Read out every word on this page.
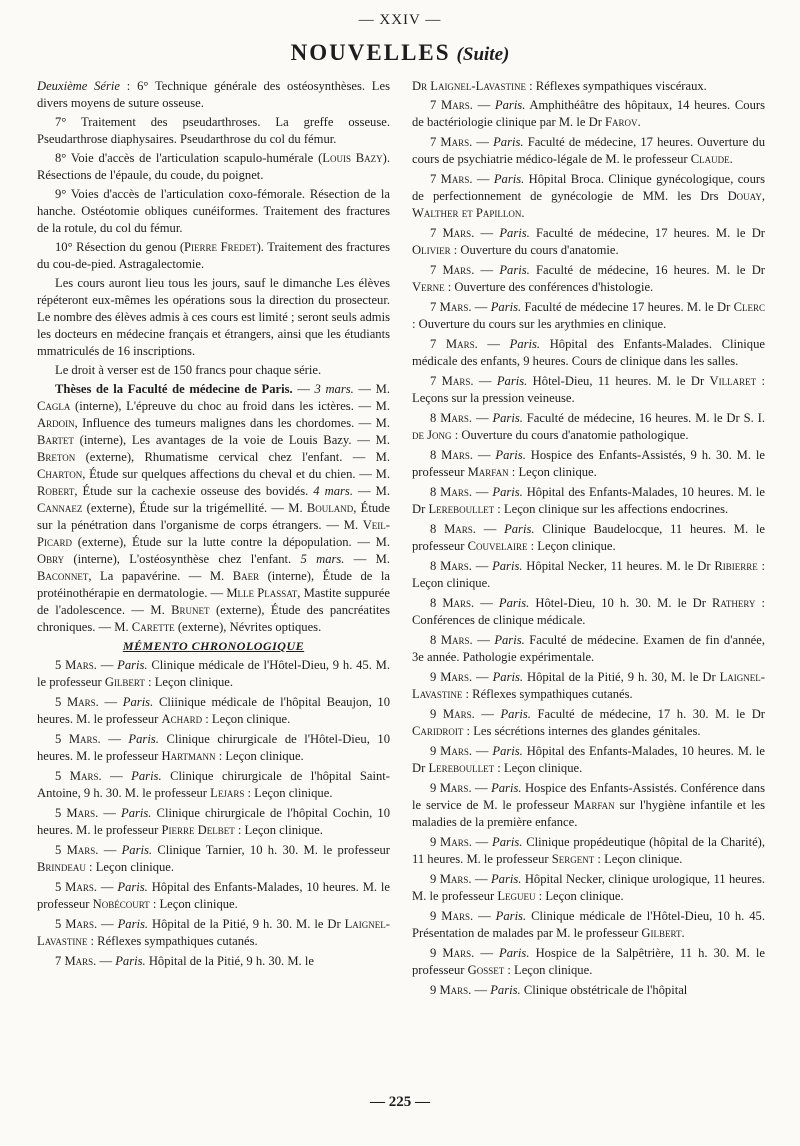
— XXIV —
NOUVELLES (Suite)

Deuxième Série : 6° Technique générale des ostéosynthèses. Les divers moyens de suture osseuse.

7° Traitement des pseudarthroses. La greffe osseuse. Pseudarthrose diaphysaires. Pseudarthrose du col du fémur.

8° Voie d'accès de l'articulation scapulo-humérale (Louis Bazy). Résections de l'épaule, du coude, du poignet.

9° Voies d'accès de l'articulation coxo-fémorale. Résection de la hanche. Ostéotomie obliques cunéiformes. Traitement des fractures de la rotule, du col du fémur.

10° Résection du genou (Pierre Fredet). Traitement des fractures du cou-de-pied. Astragalectomie.

Les cours auront lieu tous les jours, sauf le dimanche Les élèves répéteront eux-mêmes les opérations sous la direction du prosecteur. Le nombre des élèves admis à ces cours est limité ; seront seuls admis les docteurs en médecine français et étrangers, ainsi que les étudiants mmatriculés de 16 inscriptions.

Le droit à verser est de 150 francs pour chaque série.

Thèses de la Faculté de médecine de Paris. — 3 mars. — M. Cagla (interne), L'épreuve du choc au froid dans les ictères. — M. Ardoin, Influence des tumeurs malignes dans les chordomes. — M. Bartet (interne), Les avantages de la voie de Louis Bazy. — M. Breton (externe), Rhumatisme cervical chez l'enfant. — M. Charton, Étude sur quelques affections du cheval et du chien. — M. Robert, Étude sur la cachexie osseuse des bovidés. 4 mars. — M. Cannaez (externe), Étude sur la trigémellité. — M. Bouland, Étude sur la pénétration dans l'organisme de corps étrangers. — M. Veil-Picard (externe), Étude sur la lutte contre la dépopulation. — M. Obry (interne), L'ostéosynthèse chez l'enfant. 5 mars. — M. Baconnet, La papavérine. — M. Baer (interne), Étude de la protéinothérapie en dermatologie. — Mlle Plassat, Mastite suppurée de l'adolescence. — M. Brunet (externe), Étude des pancréatites chroniques. — M. Carette (externe), Névrites optiques.

MÉMENTO CHRONOLOGIQUE

5 Mars. — Paris. Clinique médicale de l'Hôtel-Dieu, 9 h. 45. M. le professeur Gilbert : Leçon clinique.

5 Mars. — Paris. Cliinique médicale de l'hôpital Beaujon, 10 heures. M. le professeur Achard : Leçon clinique.

5 Mars. — Paris. Clinique chirurgicale de l'Hôtel-Dieu, 10 heures. M. le professeur Hartmann : Leçon clinique.

5 Mars. — Paris. Clinique chirurgicale de l'hôpital Saint-Antoine, 9 h. 30. M. le professeur Lejars : Leçon clinique.

5 Mars. — Paris. Clinique chirurgicale de l'hôpital Cochin, 10 heures. M. le professeur Pierre Delbet : Leçon clinique.

5 Mars. — Paris. Clinique Tarnier, 10 h. 30. M. le professeur Brindeau : Leçon clinique.

5 Mars. — Paris. Hôpital des Enfants-Malades, 10 heures. M. le professeur Nobécourt : Leçon clinique.

5 Mars. — Paris. Hôpital de la Pitié, 9 h. 30. M. le Dr Laignel-Lavastine : Réflexes sympathiques cutanés.

7 Mars. — Paris. Hôpital de la Pitié, 9 h. 30. M. le

Dr Laignel-Lavastine : Réflexes sympathiques viscéraux.

7 Mars. — Paris. Amphithéâtre des hôpitaux, 14 heures. Cours de bactériologie clinique par M. le Dr Farov.

7 Mars. — Paris. Faculté de médecine, 17 heures. Ouverture du cours de psychiatrie médico-légale de M. le professeur Claude.

7 Mars. — Paris. Hôpital Broca. Clinique gynécologique, cours de perfectionnement de gynécologie de MM. les Drs Douay, Walther et Papillon.

7 Mars. — Paris. Faculté de médecine, 17 heures. M. le Dr Olivier : Ouverture du cours d'anatomie.

7 Mars. — Paris. Faculté de médecine, 16 heures. M. le Dr Verne : Ouverture des conférences d'histologie.

7 Mars. — Paris. Faculté de médecine 17 heures. M. le Dr Clerc : Ouverture du cours sur les arythmies en clinique.

7 Mars. — Paris. Hôpital des Enfants-Malades. Clinique médicale des enfants, 9 heures. Cours de clinique dans les salles.

7 Mars. — Paris. Hôtel-Dieu, 11 heures. M. le Dr Villaret : Leçons sur la pression veineuse.

8 Mars. — Paris. Faculté de médecine, 16 heures. M. le Dr S. I. de Jong : Ouverture du cours d'anatomie pathologique.

8 Mars. — Paris. Hospice des Enfants-Assistés, 9 h. 30. M. le professeur Marfan : Leçon clinique.

8 Mars. — Paris. Hôpital des Enfants-Malades, 10 heures. M. le Dr Lereboullet : Leçon clinique sur les affections endocrines.

8 Mars. — Paris. Clinique Baudelocque, 11 heures. M. le professeur Couvelaire : Leçon clinique.

8 Mars. — Paris. Hôpital Necker, 11 heures. M. le Dr Ribierre : Leçon clinique.

8 Mars. — Paris. Hôtel-Dieu, 10 h. 30. M. le Dr Rathery : Conférences de clinique médicale.

8 Mars. — Paris. Faculté de médecine. Examen de fin d'année, 3e année. Pathologie expérimentale.

9 Mars. — Paris. Hôpital de la Pitié, 9 h. 30, M. le Dr Laignel-Lavastine : Réflexes sympathiques cutanés.

9 Mars. — Paris. Faculté de médecine, 17 h. 30. M. le Dr Caridroit : Les sécrétions internes des glandes génitales.

9 Mars. — Paris. Hôpital des Enfants-Malades, 10 heures. M. le Dr Lereboullet : Leçon clinique.

9 Mars. — Paris. Hospice des Enfants-Assistés. Conférence dans le service de M. le professeur Marfan sur l'hygiène infantile et les maladies de la première enfance.

9 Mars. — Paris. Clinique propédeutique (hôpital de la Charité), 11 heures. M. le professeur Sergent : Leçon clinique.

9 Mars. — Paris. Hôpital Necker, clinique urologique, 11 heures. M. le professeur Legueu : Leçon clinique.

9 Mars. — Paris. Clinique médicale de l'Hôtel-Dieu, 10 h. 45. Présentation de malades par M. le professeur Gilbert.

9 Mars. — Paris. Hospice de la Salpêtrière, 11 h. 30. M. le professeur Gosset : Leçon clinique.

9 Mars. — Paris. Clinique obstétricale de l'hôpital

— 225 —
